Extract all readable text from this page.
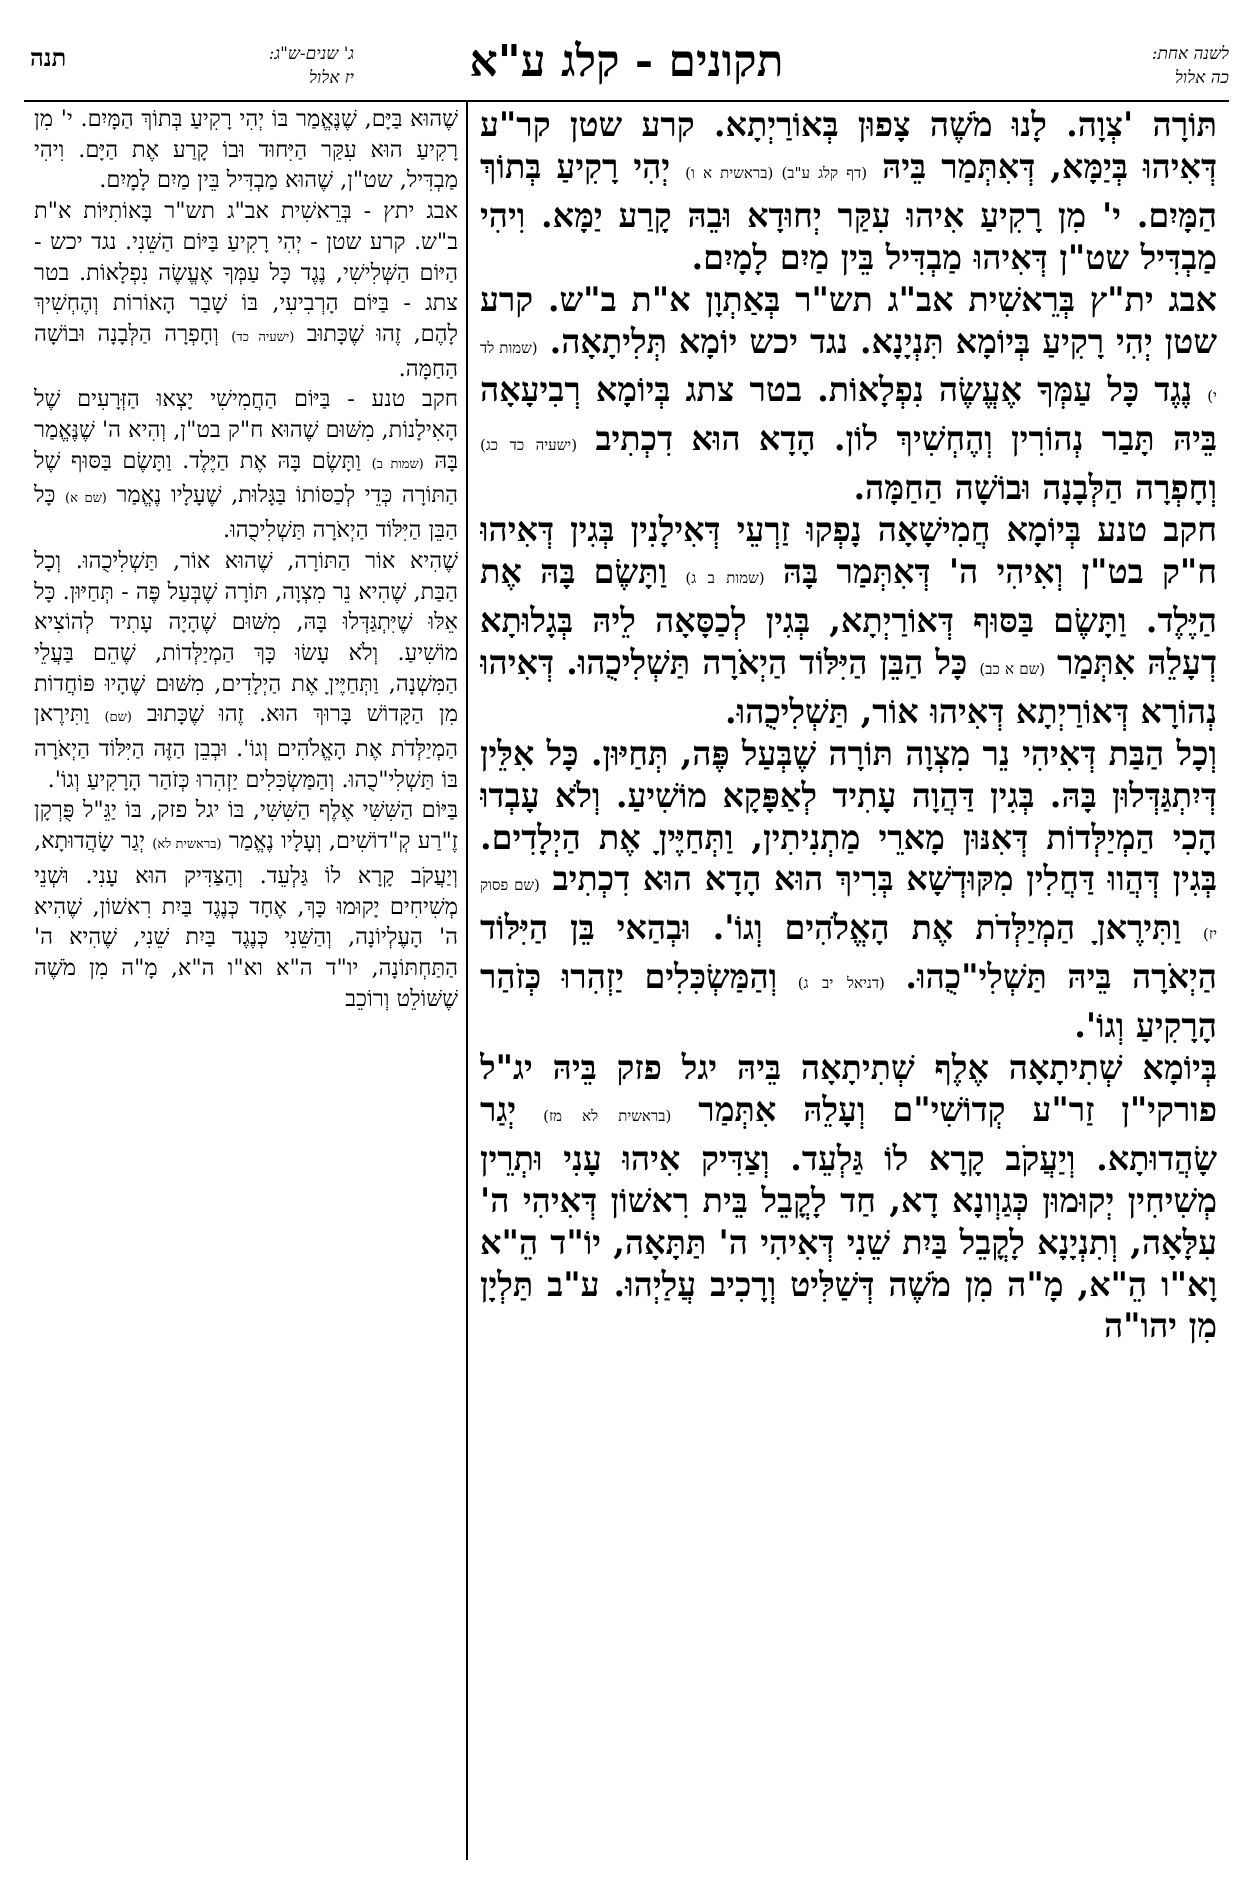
לשנה אחת:
כה אלול
תקונים - קלג ע"א
ג' שנים-ש"ג:
יז אלול
תנה

תּוֹרָה 'צְוָה. לָנוּ מֹשֶׁה צָפוּן בְּאוֹרַיְתָא. קרע שטן קר"ע דְּאִיהוּ בְּיַמָּא, דְּאִתְּמַר בֵּיהּ (דף קלג ע"ב) (בראשית א ו) יְהִי רָקִיעַ בְּתוֹךְ הַמָּיִם. י' מִן רָקִיעַ אִיהוּ עִקַּר יְחוּדָא וּבֵהּ קָרַע יַמָּא. וִיהִי מַבְדִּיל שט"ן דְּאִיהוּ מַבְדִּיל בֵּין מַיִם לָמָיִם.

אבג ית"ץ בְּרֵאשִׁית אב"ג תש"ר בְּאַתְוָן א"ת ב"ש. קרע שטן יְהִי רָקִיעַ בְּיוֹמָא תִּנְיָנָא. נגד יכש יוֹמָא תְּלִיתָאָה. (שמות לד י) נֶגֶד כָּל עַמְּךָ אֶעֱשֶׂה נִפְלָאוֹת. בטר צתג בְּיוֹמָא רְבִיעָאָה בֵּיהּ תָּבַר נְהוֹרִין וְהֶחְשִׁיךְ לוֹן. הָדָא הוּא דִכְתִיב (ישעיה כד כג) וְחָפְרָה הַלְּבָנָה וּבוֹשָׁה הַחַמָּה.

חקב טנע בְּיוֹמָא חֲמִישָׁאָה נָפְקוּ זַרְעֵי דְּאִילָנִין בְּגִין דְּאִיהוּ ח"ק בט"ן וְאִיהִי ה' דְּאִתְּמַר בָּהּ (שמות ב ג) וַתָּשֶׂם בָּהּ אֶת הַיֶּלֶד. וַתָּשֶׂם בַּסּוּף דְּאוֹרַיְתָא, בְּגִין לְכַסָּאָה לֵיהּ בְּגָלוּתָא דְעָלֵהּ אִתְּמַר (שם א כב) כָּל הַבֵּן הַיִּלּוֹד הַיְאֹרָה תַּשְׁלִיכֻהוּ. דְּאִיהוּ נְהוֹרָא דְּאוֹרַיְתָא דְּאִיהוּ אוֹר, תַּשְׁלִיכֻהוּ.

וְכָל הַבַּת דְּאִיהִי נֵר מִצְוָה תּוֹרָה שֶׁבְּעַל פֶּה, תְּחַיּוּן. כָּל אִלֵּין דְּיִתְגַּדְּלוּן בָּהּ. בְּגִין דַּהֲוָה עָתִיד לְאַפָּקָא מוֹשִׁיעַ. וְלֹא עָבְדוּ הָכִי הַמְיַלְּדוֹת דְּאִנּוּן מָארֵי מַתְנִיתִין, וַתְּחַיֶּיןָ אֶת הַיְלָדִים. בְּגִין דְּהֲווּ דַּחֲלִין מִקּוּדְשָׁא בְּרִיךְ הוּא הָדָא הוּא דִכְתִיב (שם פסוק יז) וַתִּירֶאןָ הַמְיַלְּדֹת אֶת הָאֱלֹהִים וְגוֹ'. וּבְהַאי בֵּן הַיִּלּוֹד הַיְאֹרָה בֵּיהּ תַּשְׁלִי"כֻהוּ. (דניאל יב ג) וְהַמַּשְׂכִּלִים יַזְהִרוּ כְּזֹהַר הָרָקִיעַ וְגוֹ'.

בְּיוֹמָא שְׁתִיתָאָה אֶלֶף שְׁתִיתָאָה בֵּיהּ יגל פזק בֵּיהּ יג"ל פורקי"ן זַר"ע קְדוֹשִׁי"ם וְעָלֵהּ אִתְּמַר (בראשית לא מז) יְגַר שָׂהֲדוּתָא. וְיַעֲקֹב קָרָא לוֹ גַּלְעֵד. וְצַדִּיק אִיהוּ עָנִי וּתְרֵין מְשִׁיחִין יְקוּמוּן כְּגַוְונָא דָא, חַד לָקֳבֵל בֵּית רִאשׁוֹן דְּאִיהִי ה' עִלָּאָה, וְתִנְיָנָא לָקֳבֵל בַּיִת שֵׁנִי דְּאִיהִי ה' תַּתָּאָה, יוֹ"ד הֵ"א וָא"ו הֵ"א, מָ"ה מִן מֹשֶׁה דְּשַׁלִּיט וְרָכִיב עֲלַיְהוּ. ע"ב תַּלְיָן מִן יהו"ה

שֶׁהוּא בַּיָּם, שֶׁנֶּאֱמַר בּוֹ יְהִי רָקִיעַ בְּתוֹךְ הַמָּיִם. י' מִן רָקִיעַ הוּא עִקַּר הַיִּחוּד וּבוֹ קָרַע אֶת הַיָּם. וִיהִי מַבְדִּיל, שט"ן, שֶׁהוּא מַבְדִּיל בֵּין מַיִם לָמָיִם.

אבג יתץ - בְּרֵאשִׁית אב"ג תש"ר בָּאוֹתִיּוֹת א"ת ב"ש. קרע שטן - יְהִי רָקִיעַ בַּיּוֹם הַשֵּׁנִי. נגד יכש - הַיּוֹם הַשְּׁלִישִׁי, נֶגֶד כָּל עַמְּךָ אֶעֱשֶׂה נִפְלָאוֹת. בטר צתג - בַּיּוֹם הָרְבִיעִי, בּוֹ שָׁבַר הָאוֹרוֹת וְהֶחְשִׁיךְ לָהֶם, זֶהוּ שֶׁכָּתוּב (ישעיה כד) וְחָפְרָה הַלְּבָנָה וּבוֹשָׁה הַחַמָּה.

חקב טנע - בַּיּוֹם הַחֲמִישִׁי יָצְאוּ הַזְּרָעִים שֶׁל הָאִילָנוֹת, מִשּׁוּם שֶׁהוּא ח"ק בט"ן, וְהִיא ה' שֶׁנֶּאֱמַר בָּהּ (שמות ב) וַתָּשֶׂם בָּהּ אֶת הַיֶּלֶד. וַתָּשֶׂם בַּסּוּף שֶׁל הַתּוֹרָה כְּדֵי לְכַסּוֹתוֹ בַּגָּלוּת, שֶׁעָלָיו נֶאֱמַר (שם א) כָּל הַבֵּן הַיִּלּוֹד הַיְאֹרָה תַּשְׁלִיכֻהוּ.

שֶׁהִיא אוֹר הַתּוֹרָה, שֶׁהוּא אוֹר, תַּשְׁלִיכֻהוּ. וְכָל הַבַּת, שֶׁהִיא נֵר מִצְוָה, תּוֹרָה שֶׁבְּעַל פֶּה - תְּחַיּוּן. כָּל אֵלּוּ שֶׁיִּתְגַּדְּלוּ בָּהּ, מִשּׁוּם שֶׁהָיָה עָתִיד לְהוֹצִיא מוֹשִׁיעַ. וְלֹא עָשׂוּ כָּךְ הַמְיַלְּדוֹת, שֶׁהֵם בַּעֲלֵי הַמִּשְׁנָה, וַתְּחַיֶּיןָ אֶת הַיְלָדִים, מִשּׁוּם שֶׁהָיוּ פּוֹחֲדוֹת מִן הַקָּדוֹשׁ בָּרוּךְ הוּא. זֶהוּ שֶׁכָּתוּב (שם) וַתִּירֶאןָ הַמְיַלְּדֹת אֶת הָאֱלֹהִים וְגוֹ'. וּבְבֵן הַזֶּה הַיִּלּוֹד הַיְאֹרָה בּוֹ תַּשְׁלִי"כֻהוּ. וְהַמַּשְׂכִּלִים יַזְהִרוּ כְּזֹהַר הָרָקִיעַ וְגוֹ'.

בַּיּוֹם הַשִּׁשִּׁי אֶלֶף הַשִּׁשִּׁי, בּוֹ יגל פזק, בּוֹ יַגֵּ"ל פֻּרְקָן זֶ"רַע קְ"דוֹשִׁים, וְעָלָיו נֶאֱמַר (בראשית לא) יְגַר שָׂהֲדוּתָא, וְיַעֲקֹב קָרָא לוֹ גַּלְעֵד. וְהַצַּדִּיק הוּא עָנִי. וּשְׁנֵי מְשִׁיחִים יָקוּמוּ כָּךְ, אֶחָד כְּנֶגֶד בַּיִת רִאשׁוֹן, שֶׁהִיא ה' הָעֶלְיוֹנָה, וְהַשֵּׁנִי כְּנֶגֶד בַּיִת שֵׁנִי, שֶׁהִיא ה' הַתַּחְתּוֹנָה, יו"ד ה"א וא"ו ה"א, מָ"ה מִן מֹשֶׁה שֶׁשּׁוֹלֵט וְרוֹכֵב
